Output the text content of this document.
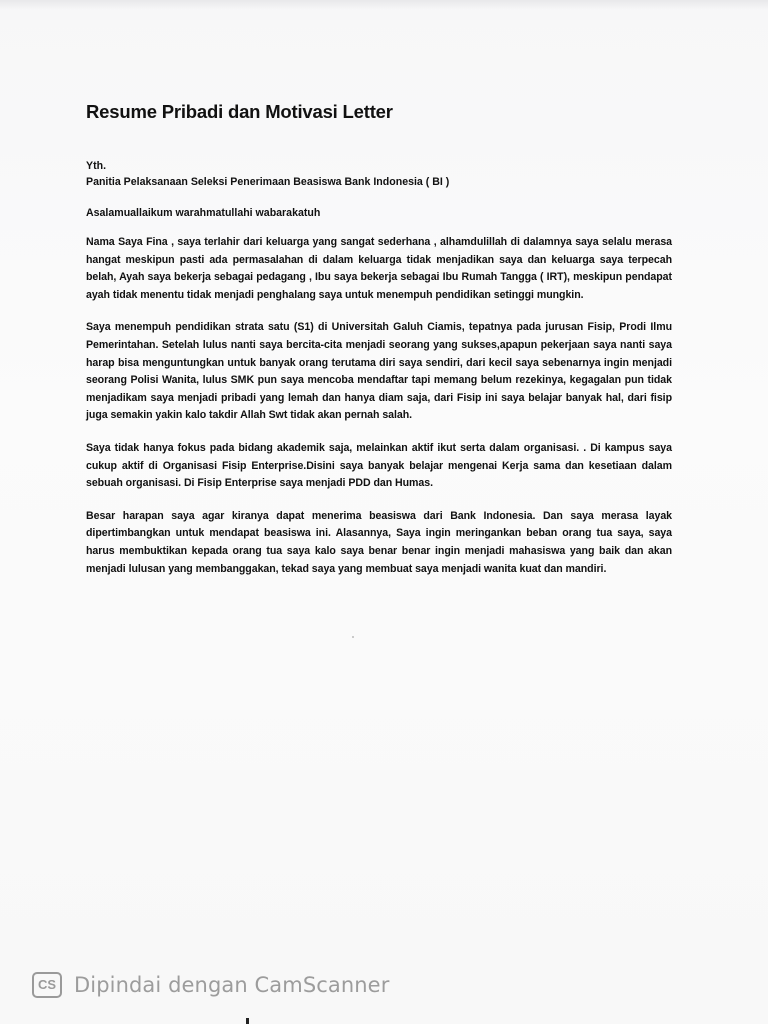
Resume Pribadi dan Motivasi Letter
Yth.
Panitia Pelaksanaan Seleksi Penerimaan Beasiswa Bank Indonesia ( BI )
Asalamuallaikum warahmatullahi wabarakatuh

Nama Saya Fina , saya terlahir dari keluarga yang sangat sederhana , alhamdulillah di dalamnya saya selalu merasa hangat meskipun pasti ada permasalahan di dalam keluarga tidak menjadikan saya dan keluarga saya terpecah belah, Ayah saya bekerja sebagai pedagang , Ibu saya bekerja sebagai Ibu Rumah Tangga ( IRT), meskipun pendapat ayah tidak menentu tidak menjadi penghalang saya untuk menempuh pendidikan setinggi mungkin.

Saya menempuh pendidikan strata satu (S1) di Universitah Galuh Ciamis, tepatnya pada jurusan Fisip, Prodi Ilmu Pemerintahan. Setelah lulus nanti saya bercita-cita menjadi seorang yang sukses,apapun pekerjaan saya nanti saya harap bisa menguntungkan untuk banyak orang terutama diri saya sendiri, dari kecil saya sebenarnya ingin menjadi seorang Polisi Wanita, lulus SMK pun saya mencoba mendaftar tapi memang belum rezekinya, kegagalan pun tidak menjadikam saya menjadi pribadi yang lemah dan hanya diam saja, dari Fisip ini saya belajar banyak hal, dari fisip juga semakin yakin kalo takdir Allah Swt tidak akan pernah salah.

Saya tidak hanya fokus pada bidang akademik saja, melainkan aktif ikut serta dalam organisasi. . Di kampus saya cukup aktif di Organisasi Fisip Enterprise.Disini saya banyak belajar mengenai Kerja sama dan kesetiaan dalam sebuah organisasi. Di Fisip Enterprise saya menjadi PDD dan Humas.

Besar harapan saya agar kiranya dapat menerima beasiswa dari Bank Indonesia. Dan saya merasa layak dipertimbangkan untuk mendapat beasiswa ini. Alasannya, Saya ingin meringankan beban orang tua saya, saya harus membuktikan kepada orang tua saya kalo saya benar benar ingin menjadi mahasiswa yang baik dan akan menjadi lulusan yang membanggakan, tekad saya yang membuat saya menjadi wanita kuat dan mandiri.

CS Dipindai dengan CamScanner
